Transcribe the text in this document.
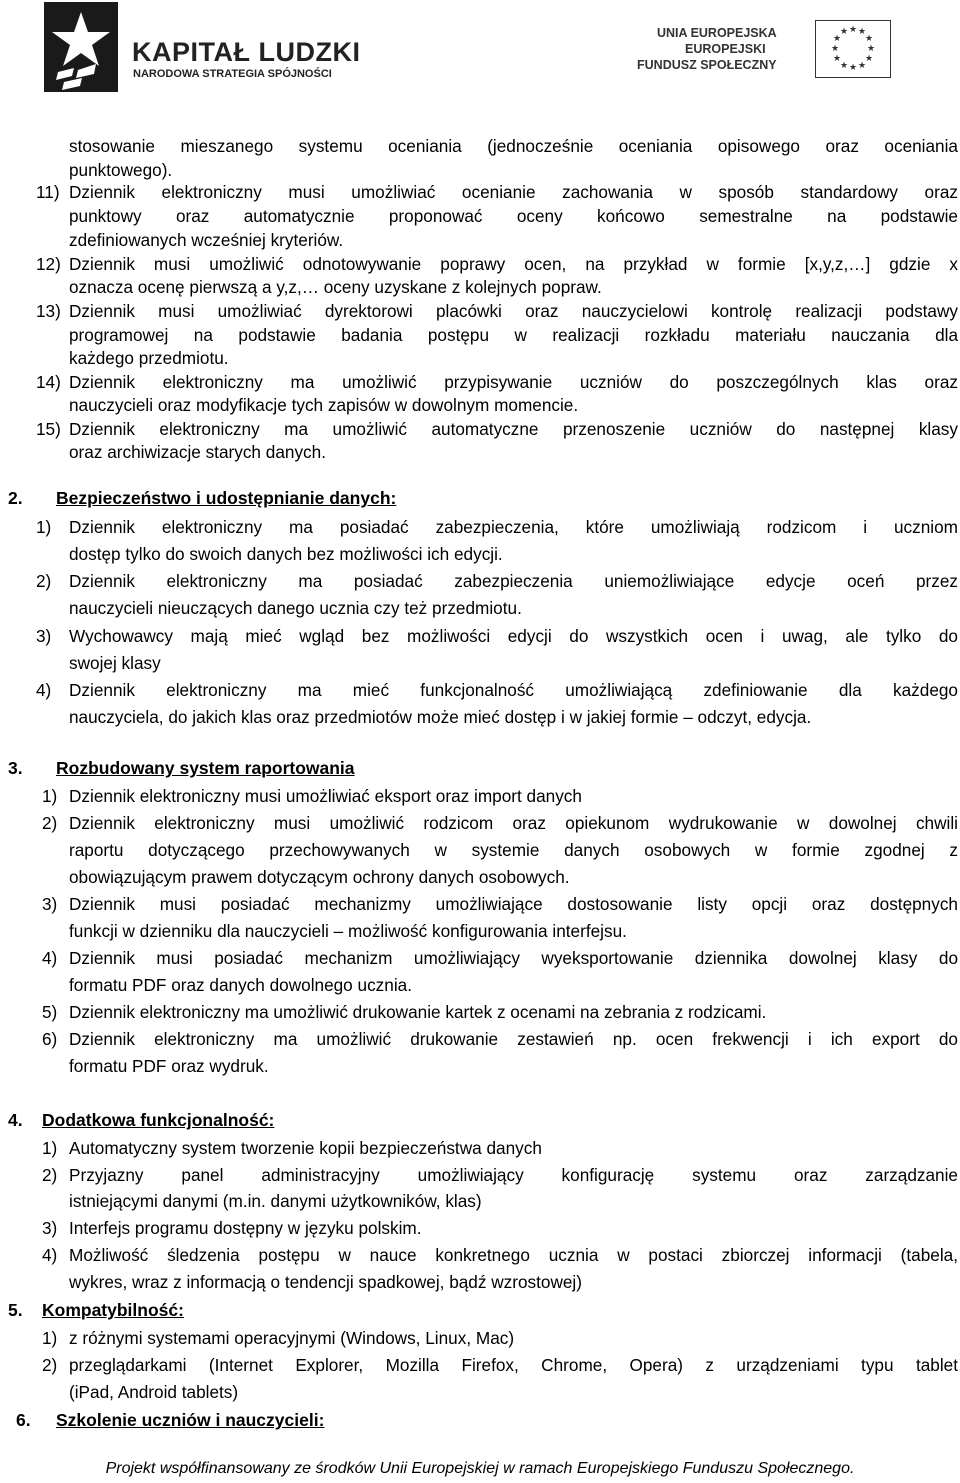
KAPITAŁ LUDZKI
NARODOWA STRATEGIA SPÓJNOŚCI
UNIA EUROPEJSKA
EUROPEJSKI
FUNDUSZ SPOŁECZNY
★ ★
★
★
★
★
★
★
★
★
★
★
stosowanie mieszanego systemu oceniania (jednocześnie oceniania opisowego oraz oceniania
punktowego).
11) Dziennik elektroniczny musi umożliwiać ocenianie zachowania w sposób standardowy oraz
punktowy oraz automatycznie proponować oceny końcowo semestralne na podstawie
zdefiniowanych wcześniej kryteriów.
12) Dziennik musi umożliwić odnotowywanie poprawy ocen, na przykład w formie [x,y,z,…] gdzie x
oznacza ocenę pierwszą a y,z,… oceny uzyskane z kolejnych popraw.
13) Dziennik musi umożliwiać dyrektorowi placówki oraz nauczycielowi kontrolę realizacji podstawy
programowej na podstawie badania postępu w realizacji rozkładu materiału nauczania dla
każdego przedmiotu.
14) Dziennik elektroniczny ma umożliwić przypisywanie uczniów do poszczególnych klas oraz
nauczycieli oraz modyfikacje tych zapisów w dowolnym momencie.
15) Dziennik elektroniczny ma umożliwić automatyczne przenoszenie uczniów do następnej klasy
oraz archiwizacje starych danych.
2. Bezpieczeństwo i udostępnianie danych:
1) Dziennik elektroniczny ma posiadać zabezpieczenia, które umożliwiają rodzicom i uczniom
dostęp tylko do swoich danych bez możliwości ich edycji.
2) Dziennik elektroniczny ma posiadać zabezpieczenia uniemożliwiające edycje oceń przez
nauczycieli nieuczących danego ucznia czy też przedmiotu.
3) Wychowawcy mają mieć wgląd bez możliwości edycji do wszystkich ocen i uwag, ale tylko do
swojej klasy
4) Dziennik elektroniczny ma mieć funkcjonalność umożliwiającą zdefiniowanie dla każdego
nauczyciela, do jakich klas oraz przedmiotów może mieć dostęp i w jakiej formie – odczyt, edycja.
3. Rozbudowany system raportowania
1) Dziennik elektroniczny musi umożliwiać eksport oraz import danych
2) Dziennik elektroniczny musi umożliwić rodzicom oraz opiekunom wydrukowanie w dowolnej chwili
raportu dotyczącego przechowywanych w systemie danych osobowych w formie zgodnej z
obowiązującym prawem dotyczącym ochrony danych osobowych.
3) Dziennik musi posiadać mechanizmy umożliwiające dostosowanie listy opcji oraz dostępnych
funkcji w dzienniku dla nauczycieli – możliwość konfigurowania interfejsu.
4) Dziennik musi posiadać mechanizm umożliwiający wyeksportowanie dziennika dowolnej klasy do
formatu PDF oraz danych dowolnego ucznia.
5) Dziennik elektroniczny ma umożliwić drukowanie kartek z ocenami na zebrania z rodzicami.
6) Dziennik elektroniczny ma umożliwić drukowanie zestawień np. ocen frekwencji i ich export do
formatu PDF oraz wydruk.
4. Dodatkowa funkcjonalność:
1) Automatyczny system tworzenie kopii bezpieczeństwa danych
2) Przyjazny panel administracyjny umożliwiający konfigurację systemu oraz zarządzanie
istniejącymi danymi (m.in. danymi użytkowników, klas)
3) Interfejs programu dostępny w języku polskim.
4) Możliwość śledzenia postępu w nauce konkretnego ucznia w postaci zbiorczej informacji (tabela,
wykres, wraz z informacją o tendencji spadkowej, bądź wzrostowej)
5. Kompatybilność:
1) z różnymi systemami operacyjnymi (Windows, Linux, Mac)
2) przeglądarkami (Internet Explorer, Mozilla Firefox, Chrome, Opera) z urządzeniami typu tablet
(iPad, Android tablets)
6. Szkolenie uczniów i nauczycieli:
Projekt współfinansowany ze środków Unii Europejskiej w ramach Europejskiego Funduszu Społecznego.
